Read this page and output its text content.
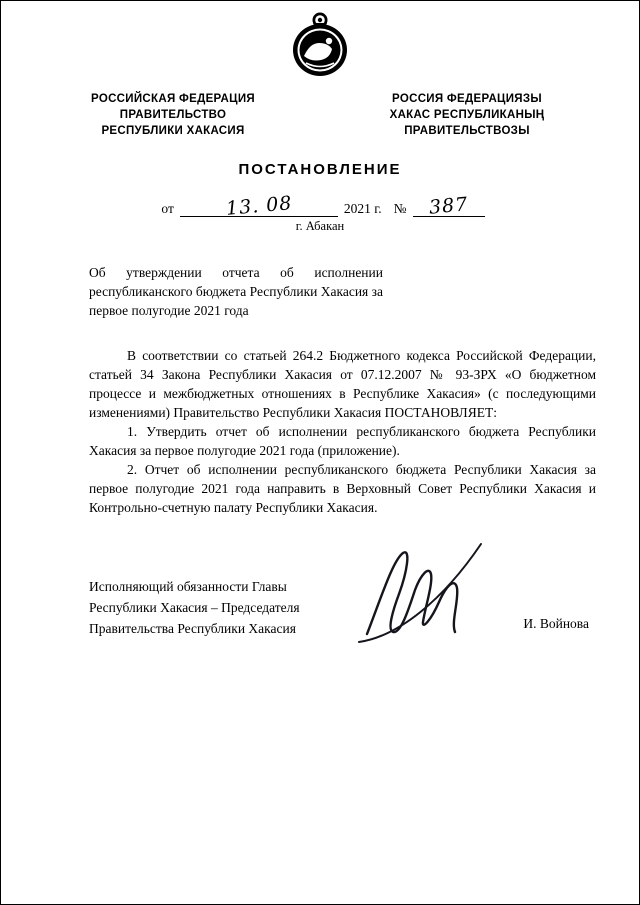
РОССИЙСКАЯ ФЕДЕРАЦИЯ
ПРАВИТЕЛЬСТВО
РЕСПУБЛИКИ ХАКАСИЯ
РОССИЯ ФЕДЕРАЦИЯЗЫ
ХАКАС РЕСПУБЛИКАНЫҢ
ПРАВИТЕЛЬСТВОЗЫ
ПОСТАНОВЛЕНИЕ
от	13. 08	2021 г. №	387
г. Абакан
Об утверждении отчета об исполнении республиканского бюджета Республики Хакасия за первое полугодие 2021 года

В соответствии со статьей 264.2 Бюджетного кодекса Российской Федерации, статьей 34 Закона Республики Хакасия от 07.12.2007 № 93-ЗРХ «О бюджетном процессе и межбюджетных отношениях в Республике Хакасия» (с последующими изменениями) Правительство Республики Хакасия ПОСТАНОВЛЯЕТ:

1. Утвердить отчет об исполнении республиканского бюджета Республики Хакасия за первое полугодие 2021 года (приложение).

2. Отчет об исполнении республиканского бюджета Республики Хакасия за первое полугодие 2021 года направить в Верховный Совет Республики Хакасия и Контрольно-счетную палату Республики Хакасия.

Исполняющий обязанности Главы
Республики Хакасия – Председателя
Правительства Республики Хакасия	И. Войнова
